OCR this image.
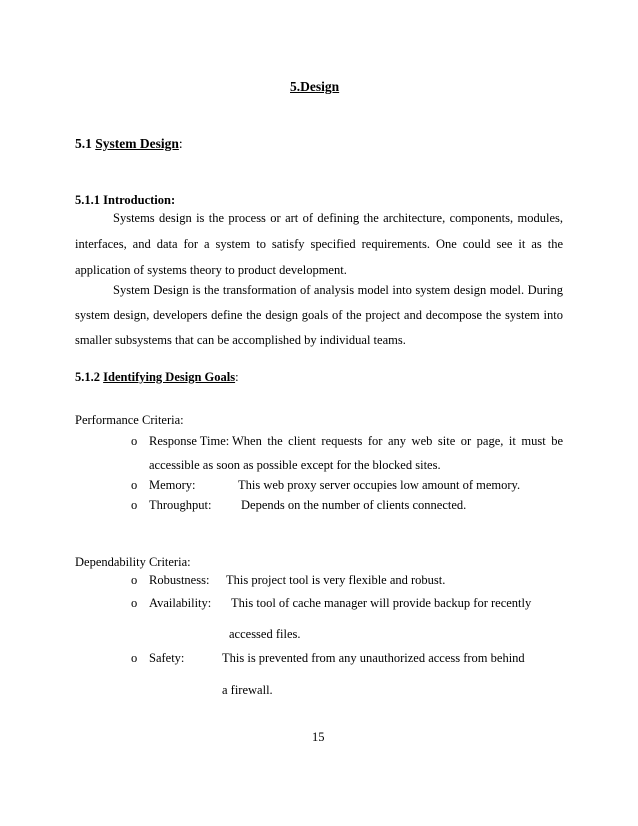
5.Design
5.1 System Design:
5.1.1 Introduction:
Systems design is the process or art of defining the architecture, components, modules,
interfaces, and data for a system to satisfy specified requirements. One could see it as the
application of systems theory to product development.
System Design is the transformation of analysis model into system design model. During
system design, developers define the design goals of the project and decompose the system into
smaller subsystems that can be accomplished by individual teams.
5.1.2 Identifying Design Goals:
Performance Criteria:
o Response Time: When the client requests for any web site or page, it must be
accessible as soon as possible except for the blocked sites.
o Memory:	This web proxy server occupies low amount of memory.
o Throughput: Depends on the number of clients connected.
Dependability Criteria:
o Robustness: This project tool is very flexible and robust.
o Availability: This tool of cache manager will provide backup for recently
accessed files.
o Safety:	This is prevented from any unauthorized access from behind
a firewall.
15
